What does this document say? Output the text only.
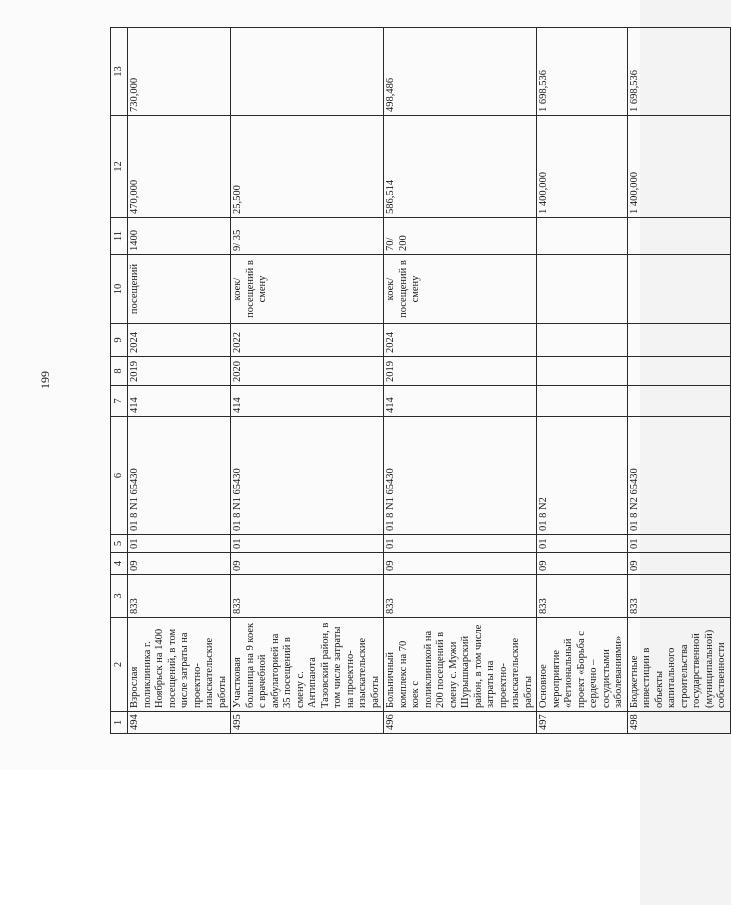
199
1	2	3	4	5	6	7	8	9	10	11	12	13
494	Взрослая поликлиника г. Ноябрьск на 1400 посещений, в том числе затраты на проектно-изыскательские работы	833	09	01	01 8 N1 65430	414	2019	2024	посещений	1400	470,000	730,000
495	Участковая больница на 9 коек с врачебной амбулаторией на 35 посещений в смену с. Антипаюта Тазовский район, в том числе затраты на проектно-изыскательские работы	833	09	01	01 8 N1 65430	414	2020	2022	коек/ посещений в смену	9/ 35	25,500	
496	Больничный комплекс на 70 коек с поликлиникой на 200 посещений в смену с. Мужи Шурышкарский район, в том числе затраты на проектно-изыскательские работы	833	09	01	01 8 N1 65430	414	2019	2024	коек/ посещений в смену	70/ 200	586,514	498,486
497	Основное мероприятие «Региональный проект «Борьба с сердечно – сосудистыми заболеваниями»	833	09	01	01 8 N2						1 400,000	1 698,536
498	Бюджетные инвестиции в объекты капитального строительства государственной (муниципальной) собственности	833	09	01	01 8 N2 65430						1 400,000	1 698,536
